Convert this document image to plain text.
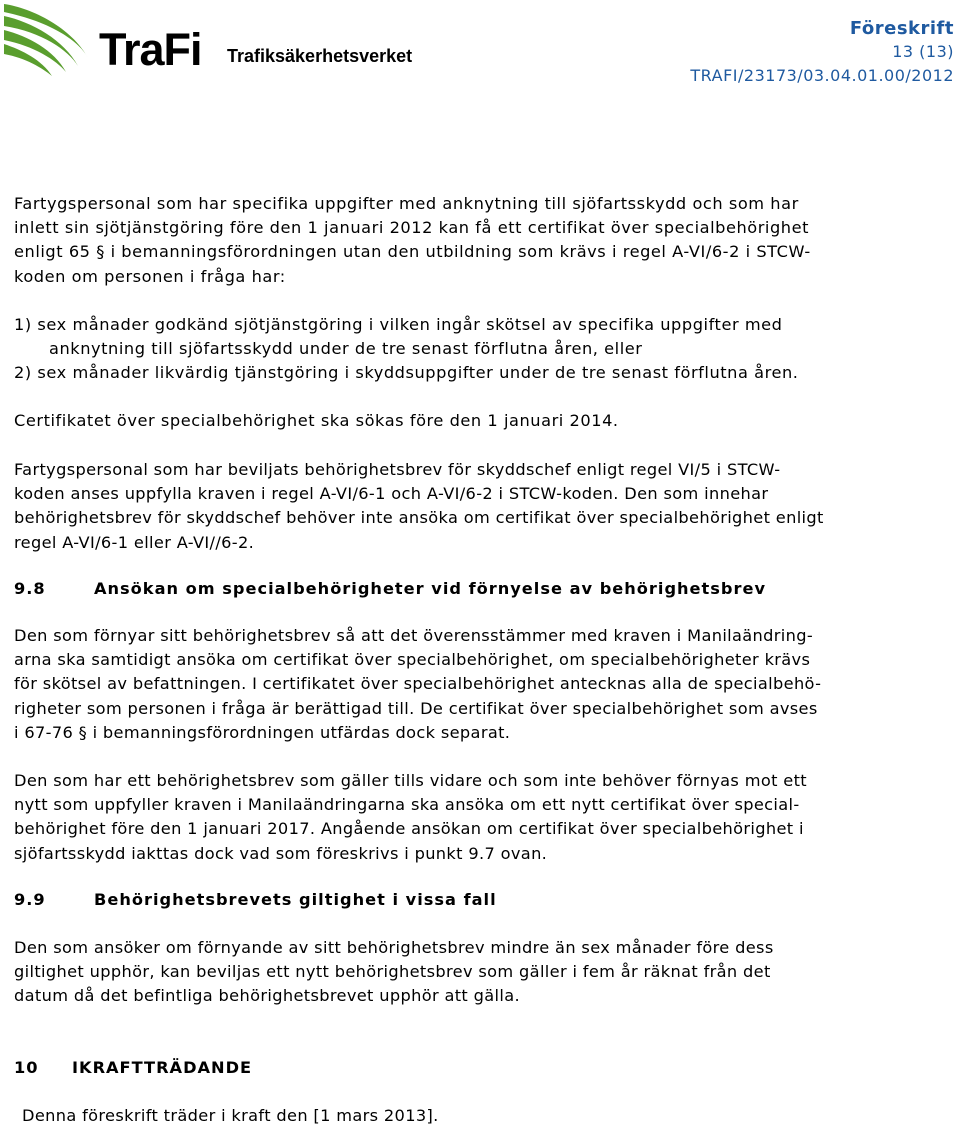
TraFi Trafiksäkerhetsverket
Föreskrift
13 (13)
TRAFI/23173/03.04.01.00/2012
Fartygspersonal som har specifika uppgifter med anknytning till sjöfartsskydd och som har
inlett sin sjötjänstgöring före den 1 januari 2012 kan få ett certifikat över specialbehörighet
enligt 65 § i bemanningsförordningen utan den utbildning som krävs i regel A-VI/6-2 i STCW-
koden om personen i fråga har:
1) sex månader godkänd sjötjänstgöring i vilken ingår skötsel av specifika uppgifter med
anknytning till sjöfartsskydd under de tre senast förflutna åren, eller
2) sex månader likvärdig tjänstgöring i skyddsuppgifter under de tre senast förflutna åren.
Certifikatet över specialbehörighet ska sökas före den 1 januari 2014.
Fartygspersonal som har beviljats behörighetsbrev för skyddschef enligt regel VI/5 i STCW-
koden anses uppfylla kraven i regel A-VI/6-1 och A-VI/6-2 i STCW-koden. Den som innehar
behörighetsbrev för skyddschef behöver inte ansöka om certifikat över specialbehörighet enligt
regel A-VI/6-1 eller A-VI//6-2.
9.8	Ansökan om specialbehörigheter vid förnyelse av behörighetsbrev
Den som förnyar sitt behörighetsbrev så att det överensstämmer med kraven i Manilaändring-
arna ska samtidigt ansöka om certifikat över specialbehörighet, om specialbehörigheter krävs
för skötsel av befattningen. I certifikatet över specialbehörighet antecknas alla de specialbehö-
righeter som personen i fråga är berättigad till. De certifikat över specialbehörighet som avses
i 67-76 § i bemanningsförordningen utfärdas dock separat.
Den som har ett behörighetsbrev som gäller tills vidare och som inte behöver förnyas mot ett
nytt som uppfyller kraven i Manilaändringarna ska ansöka om ett nytt certifikat över special-
behörighet före den 1 januari 2017. Angående ansökan om certifikat över specialbehörighet i
sjöfartsskydd iakttas dock vad som föreskrivs i punkt 9.7 ovan.
9.9	Behörighetsbrevets giltighet i vissa fall
Den som ansöker om förnyande av sitt behörighetsbrev mindre än sex månader före dess
giltighet upphör, kan beviljas ett nytt behörighetsbrev som gäller i fem år räknat från det
datum då det befintliga behörighetsbrevet upphör att gälla.
10 IKRAFTTRÄDANDE
Denna föreskrift träder i kraft den [1 mars 2013].
